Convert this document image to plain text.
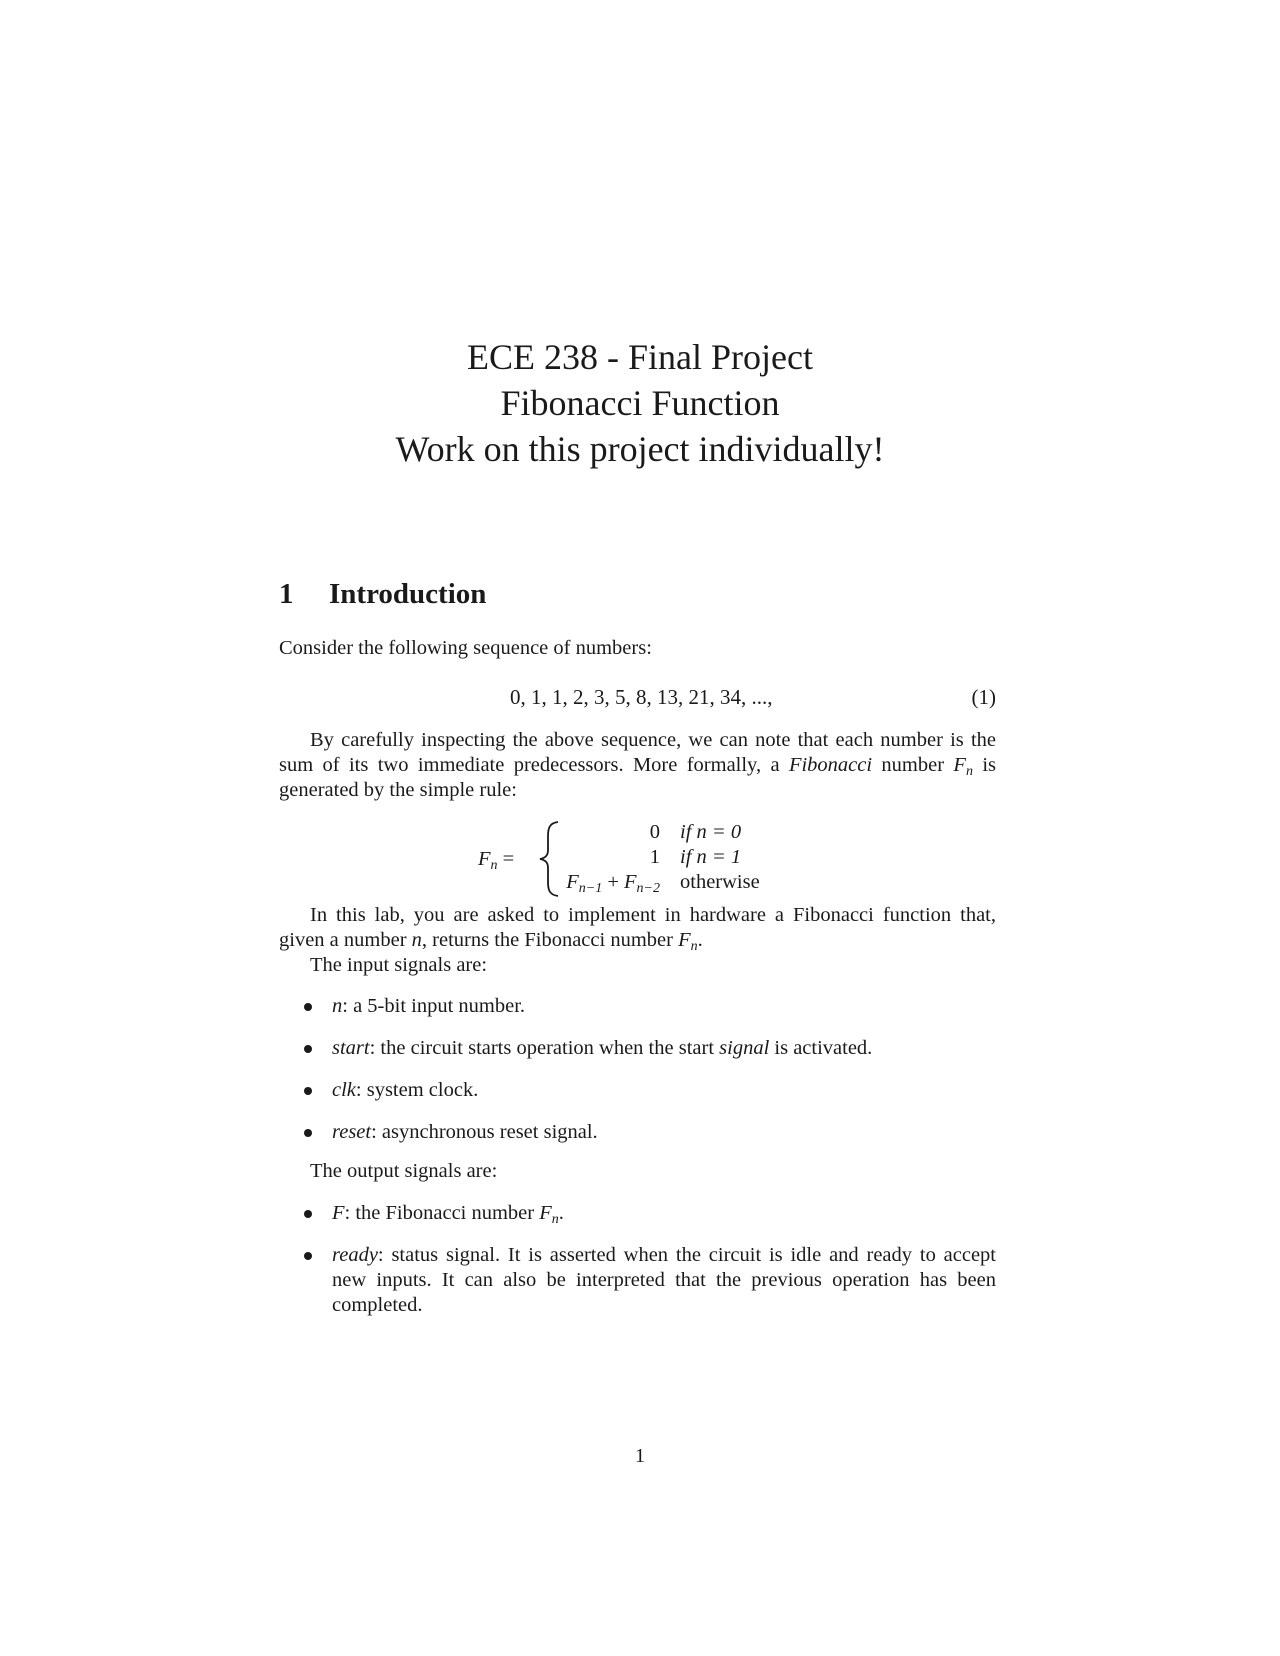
ECE 238 - Final Project
Fibonacci Function
Work on this project individually!
1 Introduction
Consider the following sequence of numbers:
0, 1, 1, 2, 3, 5, 8, 13, 21, 34, ...,	(1)
By carefully inspecting the above sequence, we can note that each number is the sum of its two immediate predecessors. More formally, a Fibonacci number $F_n$ is generated by the simple rule:
$F_n$ =
0 if n = 0
1 if n = 1
$F_{n-1} + F_{n-2}$ otherwise
In this lab, you are asked to implement in hardware a Fibonacci function that, given a number n, returns the Fibonacci number $F_n$.
The input signals are:
n: a 5-bit input number.
start: the circuit starts operation when the start signal is activated.
clk: system clock.
reset: asynchronous reset signal.
The output signals are:
F: the Fibonacci number $F_n$.
ready: status signal. It is asserted when the circuit is idle and ready to accept new inputs. It can also be interpreted that the previous operation has been completed.
1
